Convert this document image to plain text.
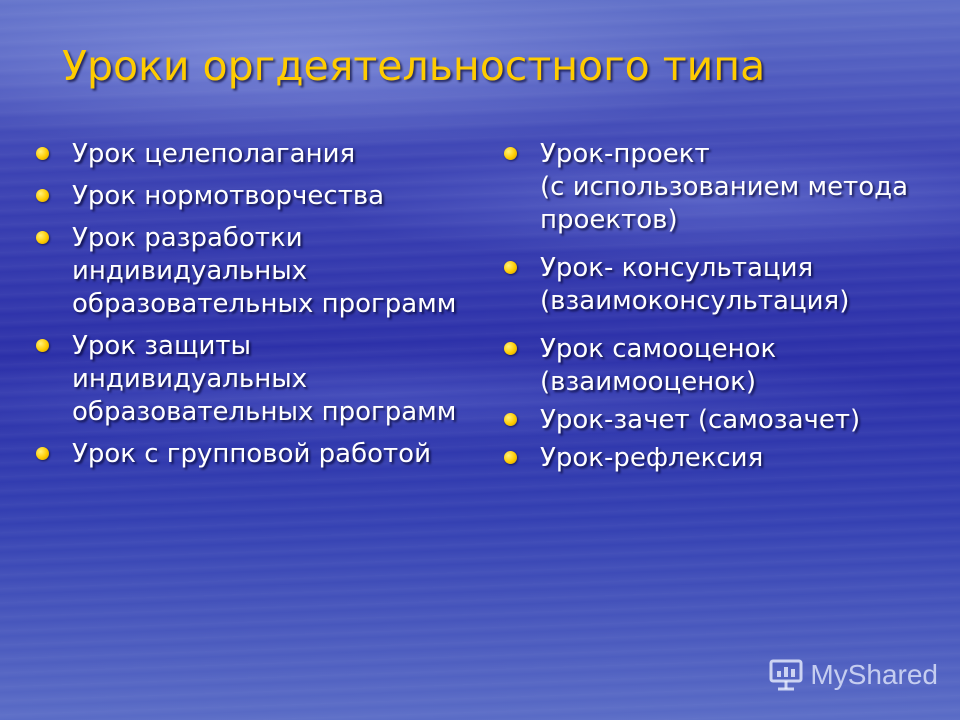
Уроки оргдеятельностного типа
Урок целеполагания
Урок нормотворчества
Урок разработки
индивидуальных
образовательных программ
Урок защиты
индивидуальных
образовательных программ
Урок с групповой работой
Урок-проект
(с использованием метода
проектов)
Урок- консультация
(взаимоконсультация)
Урок самооценок
(взаимооценок)
Урок-зачет (самозачет)
Урок-рефлексия
MyShared
